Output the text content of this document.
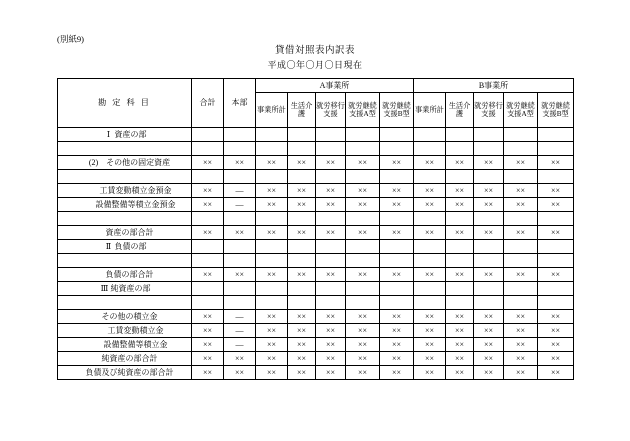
(別紙9)
貸借対照表内訳表
平成〇年〇月〇日現在
勘 定 科 目	合計	本部	A事業所					B事業所				
			事業所計	生活介護	就労移行支援	就労継続支援A型	就労継続支援B型	事業所計	生活介護	就労移行支援	就労継続支援A型	就労継続支援B型
Ⅰ 資産の部												

(2)　その他の固定資産	××	××	××	××	××	××	××	××	××	××	××	××

工賃変動積立金預金	××	—	××	××	××	××	××	××	××	××	××	××
設備整備等積立金預金	××	—	××	××	××	××	××	××	××	××	××	××

資産の部合計	××	××	××	××	××	××	××	××	××	××	××	××
Ⅱ 負債の部												

負債の部合計	××	××	××	××	××	××	××	××	××	××	××	××
Ⅲ 純資産の部												

その他の積立金	××	—	××	××	××	××	××	××	××	××	××	××
工賃変動積立金	××	—	××	××	××	××	××	××	××	××	××	××
設備整備等積立金	××	—	××	××	××	××	××	××	××	××	××	××
純資産の部合計	××	××	××	××	××	××	××	××	××	××	××	××
負債及び純資産の部合計	××	××	××	××	××	××	××	××	××	××	××	××
